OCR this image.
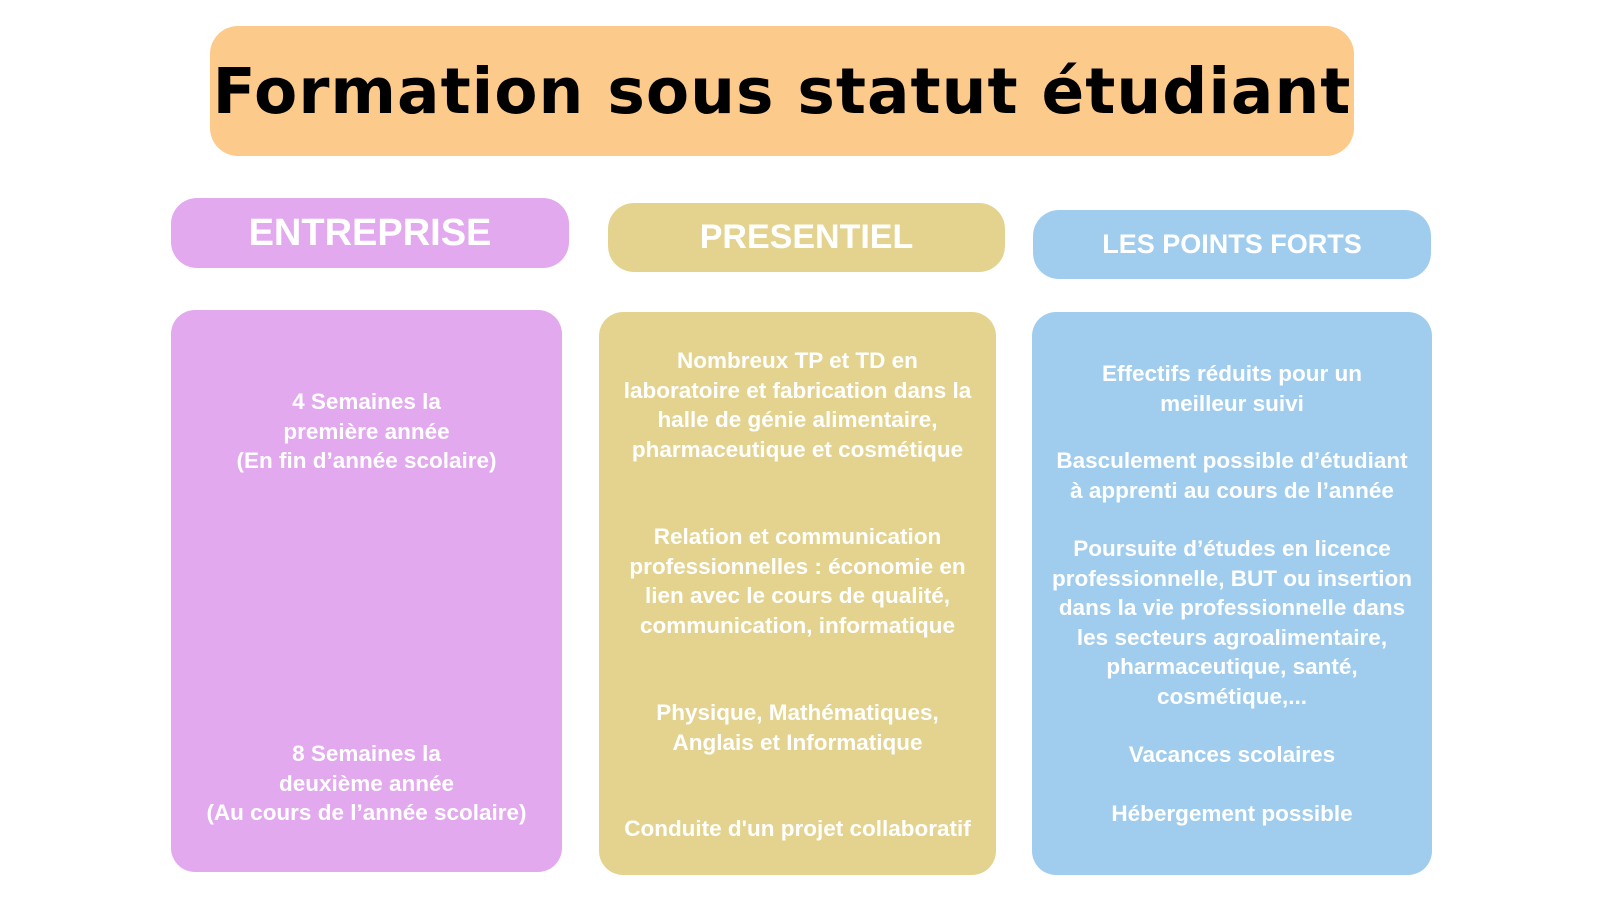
Formation sous statut étudiant
ENTREPRISE	PRESENTIEL	LES POINTS FORTS
4 Semaines la
première année
(En fin d’année scolaire)
8 Semaines la
deuxième année
(Au cours de l’année scolaire)
Nombreux TP et TD en
laboratoire et fabrication dans la
halle de génie alimentaire,
pharmaceutique et cosmétique
Relation et communication
professionnelles : économie en
lien avec le cours de qualité,
communication, informatique
Physique, Mathématiques,
Anglais et Informatique
Conduite d'un projet collaboratif
Effectifs réduits pour un
meilleur suivi
Basculement possible d’étudiant
à apprenti au cours de l’année
Poursuite d’études en licence
professionnelle, BUT ou insertion
dans la vie professionnelle dans
les secteurs agroalimentaire,
pharmaceutique, santé,
cosmétique,...
Vacances scolaires
Hébergement possible
